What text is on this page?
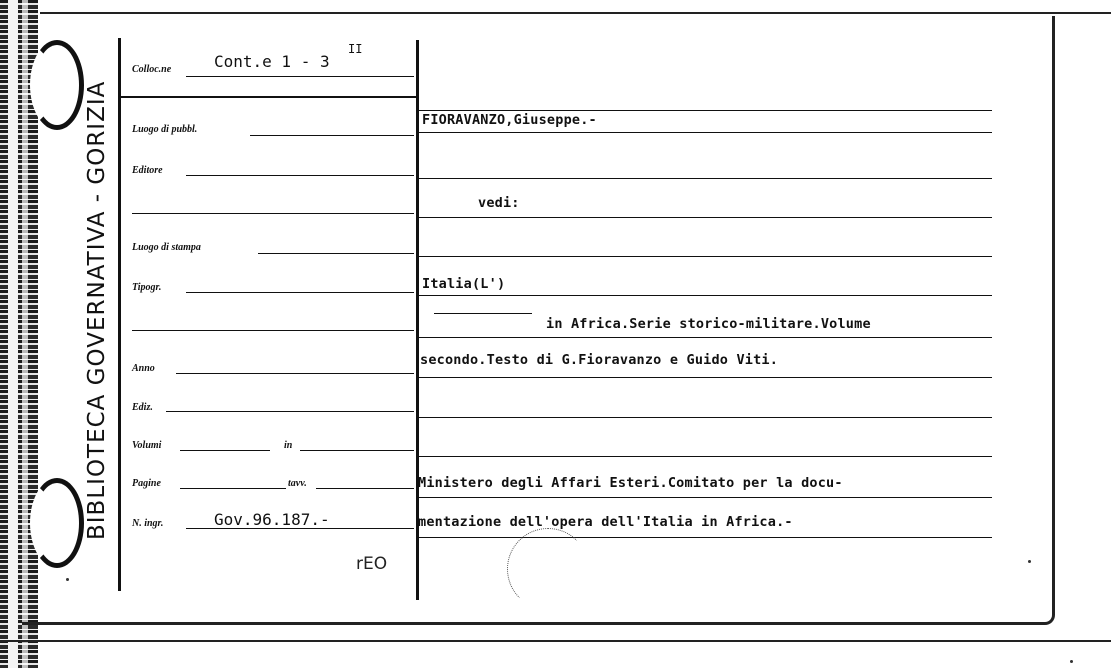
BIBLIOTECA GOVERNATIVA - GORIZIA
Colloc.ne	Cont.e 1 - 3
II
Luogo di pubbl.
Editore
Luogo di stampa
Tipogr.
Anno
Ediz.
Volumi	in
Pagine	tavv.
N. ingr.	Gov.96.187.-
rEO
FIORAVANZO,Giuseppe.-
vedi:
Italia(L')
in Africa.Serie storico-militare.Volume
secondo.Testo di G.Fioravanzo e Guido Viti.
Ministero degli Affari Esteri.Comitato per la docu-
mentazione dell'opera dell'Italia in Africa.-
